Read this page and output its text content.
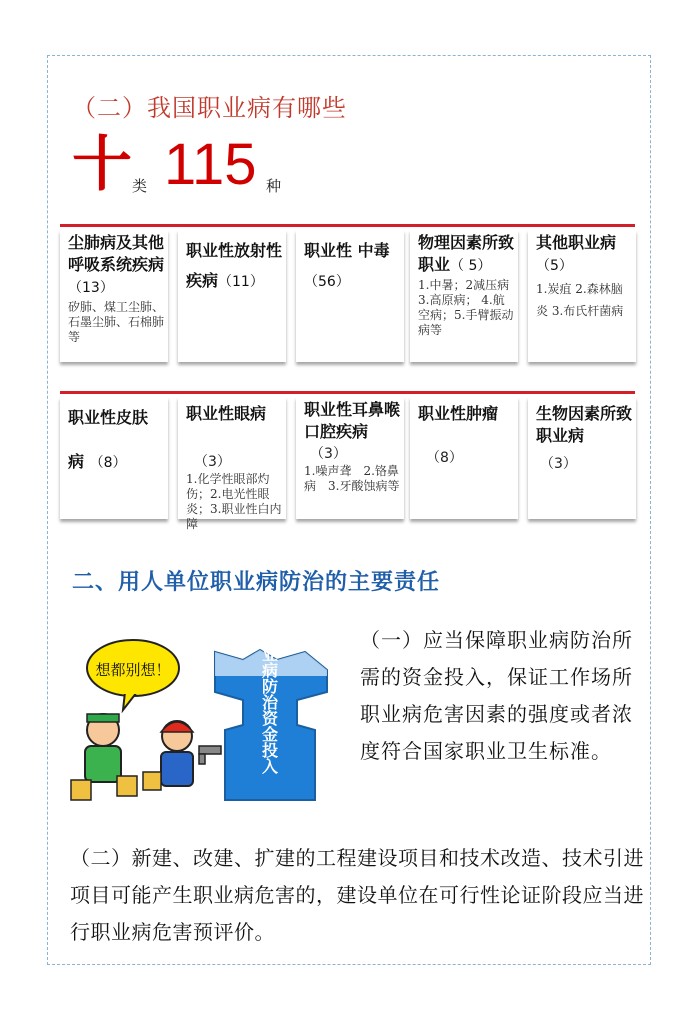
（二）我国职业病有哪些
十 类 115 种
尘肺病及其他呼吸系统疾病（13）
矽肺、煤工尘肺、石墨尘肺、石棉肺等
职业性放射性疾病（11）
职业性 中毒（56）
物理因素所致职业（ 5）
1.中暑；2减压病
3.高原病； 4.航空病；5.手臂振动病等
其他职业病
（5）
1.炭疽 2.森林脑炎 3.布氏杆菌病
职业性皮肤
病 （8）
职业性眼病
（3）
1.化学性眼部灼伤；2.电光性眼炎；3.职业性白内障
职业性耳鼻喉口腔疾病
（3）
1.噪声聋　2.铬鼻病　3.牙酸蚀病等
职业性肿瘤
（8）
生物因素所致职业病
（3）
二、用人单位职业病防治的主要责任
想都别想！	职业病防治资金投入	（一）应当保障职业病防治所需的资金投入，保证工作场所职业病危害因素的强度或者浓度符合国家职业卫生标准。
（二）新建、改建、扩建的工程建设项目和技术改造、技术引进项目可能产生职业病危害的，建设单位在可行性论证阶段应当进行职业病危害预评价。
